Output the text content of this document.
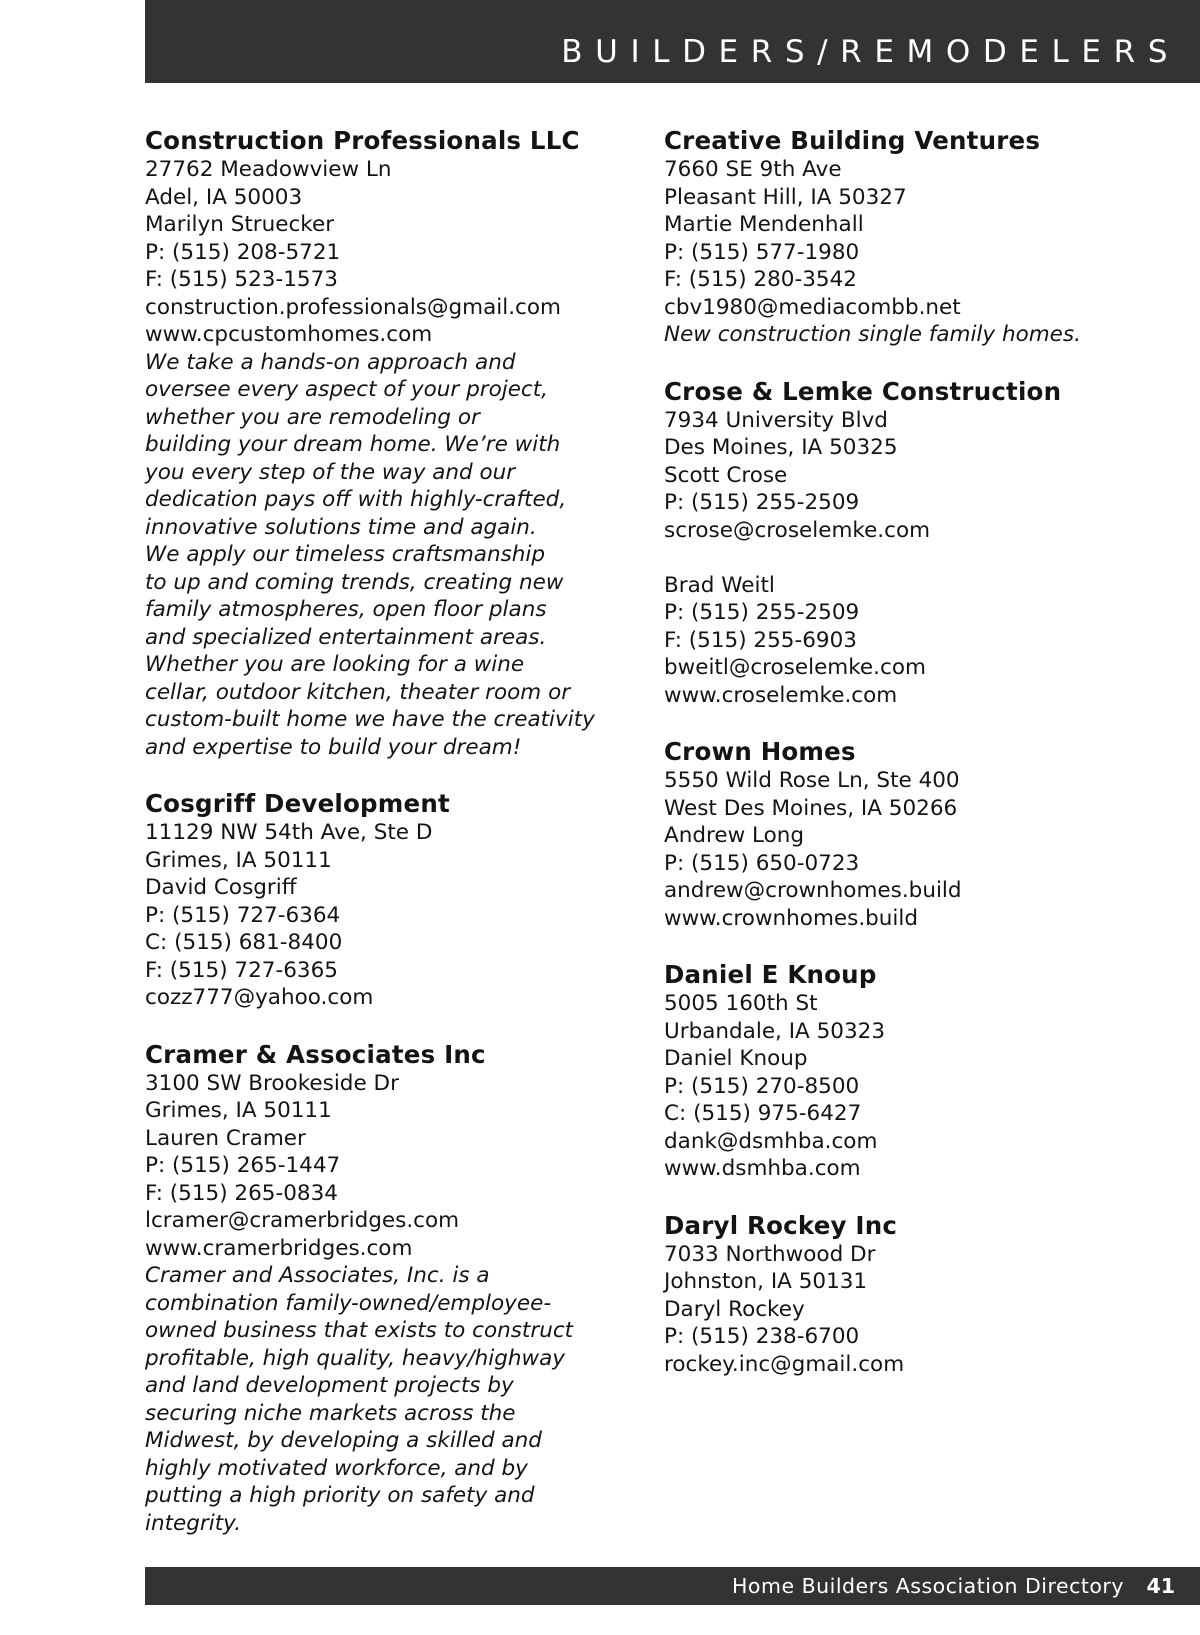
BUILDERS/REMODELERS
Construction Professionals LLC
27762 Meadowview Ln
Adel, IA 50003
Marilyn Struecker
P: (515) 208-5721
F: (515) 523-1573
construction.professionals@gmail.com
www.cpcustomhomes.com
We take a hands-on approach and
oversee every aspect of your project,
whether you are remodeling or
building your dream home. We’re with
you every step of the way and our
dedication pays off with highly-crafted,
innovative solutions time and again.
We apply our timeless craftsmanship
to up and coming trends, creating new
family atmospheres, open floor plans
and specialized entertainment areas.
Whether you are looking for a wine
cellar, outdoor kitchen, theater room or
custom-built home we have the creativity
and expertise to build your dream!
Cosgriff Development
11129 NW 54th Ave, Ste D
Grimes, IA 50111
David Cosgriff
P: (515) 727-6364
C: (515) 681-8400
F: (515) 727-6365
cozz777@yahoo.com
Cramer & Associates Inc
3100 SW Brookeside Dr
Grimes, IA 50111
Lauren Cramer
P: (515) 265-1447
F: (515) 265-0834
lcramer@cramerbridges.com
www.cramerbridges.com
Cramer and Associates, Inc. is a
combination family-owned/employee-
owned business that exists to construct
profitable, high quality, heavy/highway
and land development projects by
securing niche markets across the
Midwest, by developing a skilled and
highly motivated workforce, and by
putting a high priority on safety and
integrity.
Creative Building Ventures
7660 SE 9th Ave
Pleasant Hill, IA 50327
Martie Mendenhall
P: (515) 577-1980
F: (515) 280-3542
cbv1980@mediacombb.net
New construction single family homes.
Crose & Lemke Construction
7934 University Blvd
Des Moines, IA 50325
Scott Crose
P: (515) 255-2509
scrose@croselemke.com
Brad Weitl
P: (515) 255-2509
F: (515) 255-6903
bweitl@croselemke.com
www.croselemke.com
Crown Homes
5550 Wild Rose Ln, Ste 400
West Des Moines, IA 50266
Andrew Long
P: (515) 650-0723
andrew@crownhomes.build
www.crownhomes.build
Daniel E Knoup
5005 160th St
Urbandale, IA 50323
Daniel Knoup
P: (515) 270-8500
C: (515) 975-6427
dank@dsmhba.com
www.dsmhba.com
Daryl Rockey Inc
7033 Northwood Dr
Johnston, IA 50131
Daryl Rockey
P: (515) 238-6700
rockey.inc@gmail.com
Home Builders Association Directory 41
